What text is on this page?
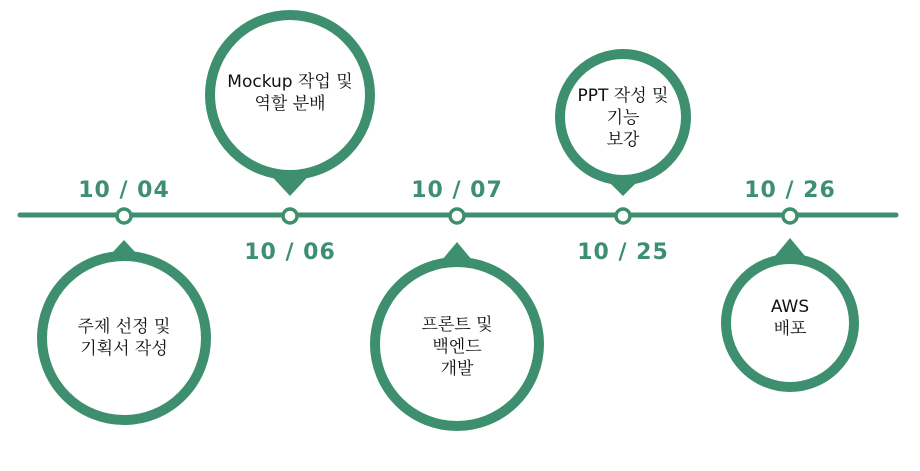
10 / 04
10 / 06
10 / 07
10 / 25
10 / 26
주제 선정 및
기획서 작성
Mockup 작업 및
역할 분배
프론트 및
백엔드
개발
PPT 작성 및
기능
보강
AWS
배포
